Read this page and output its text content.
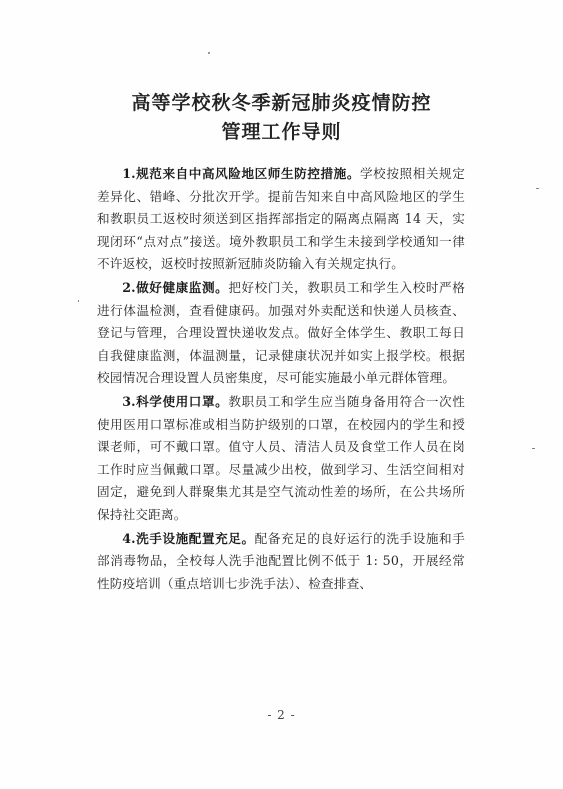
高等学校秋冬季新冠肺炎疫情防控
管理工作导则

1.规范来自中高风险地区师生防控措施。学校按照相关规定差异化、错峰、分批次开学。提前告知来自中高风险地区的学生和教职员工返校时须送到区指挥部指定的隔离点隔离 14 天，实现闭环“点对点”接送。境外教职员工和学生未接到学校通知一律不许返校，返校时按照新冠肺炎防输入有关规定执行。

2.做好健康监测。把好校门关，教职员工和学生入校时严格进行体温检测，查看健康码。加强对外卖配送和快递人员核查、登记与管理，合理设置快递收发点。做好全体学生、教职工每日自我健康监测，体温测量，记录健康状况并如实上报学校。根据校园情况合理设置人员密集度，尽可能实施最小单元群体管理。

3.科学使用口罩。教职员工和学生应当随身备用符合一次性使用医用口罩标准或相当防护级别的口罩，在校园内的学生和授课老师，可不戴口罩。值守人员、清洁人员及食堂工作人员在岗工作时应当佩戴口罩。尽量减少出校，做到学习、生活空间相对固定，避免到人群聚集尤其是空气流动性差的场所，在公共场所保持社交距离。

4.洗手设施配置充足。配备充足的良好运行的洗手设施和手部消毒物品，全校每人洗手池配置比例不低于 1: 50，开展经常性防疫培训（重点培训七步洗手法）、检查排查、

- 2 -
